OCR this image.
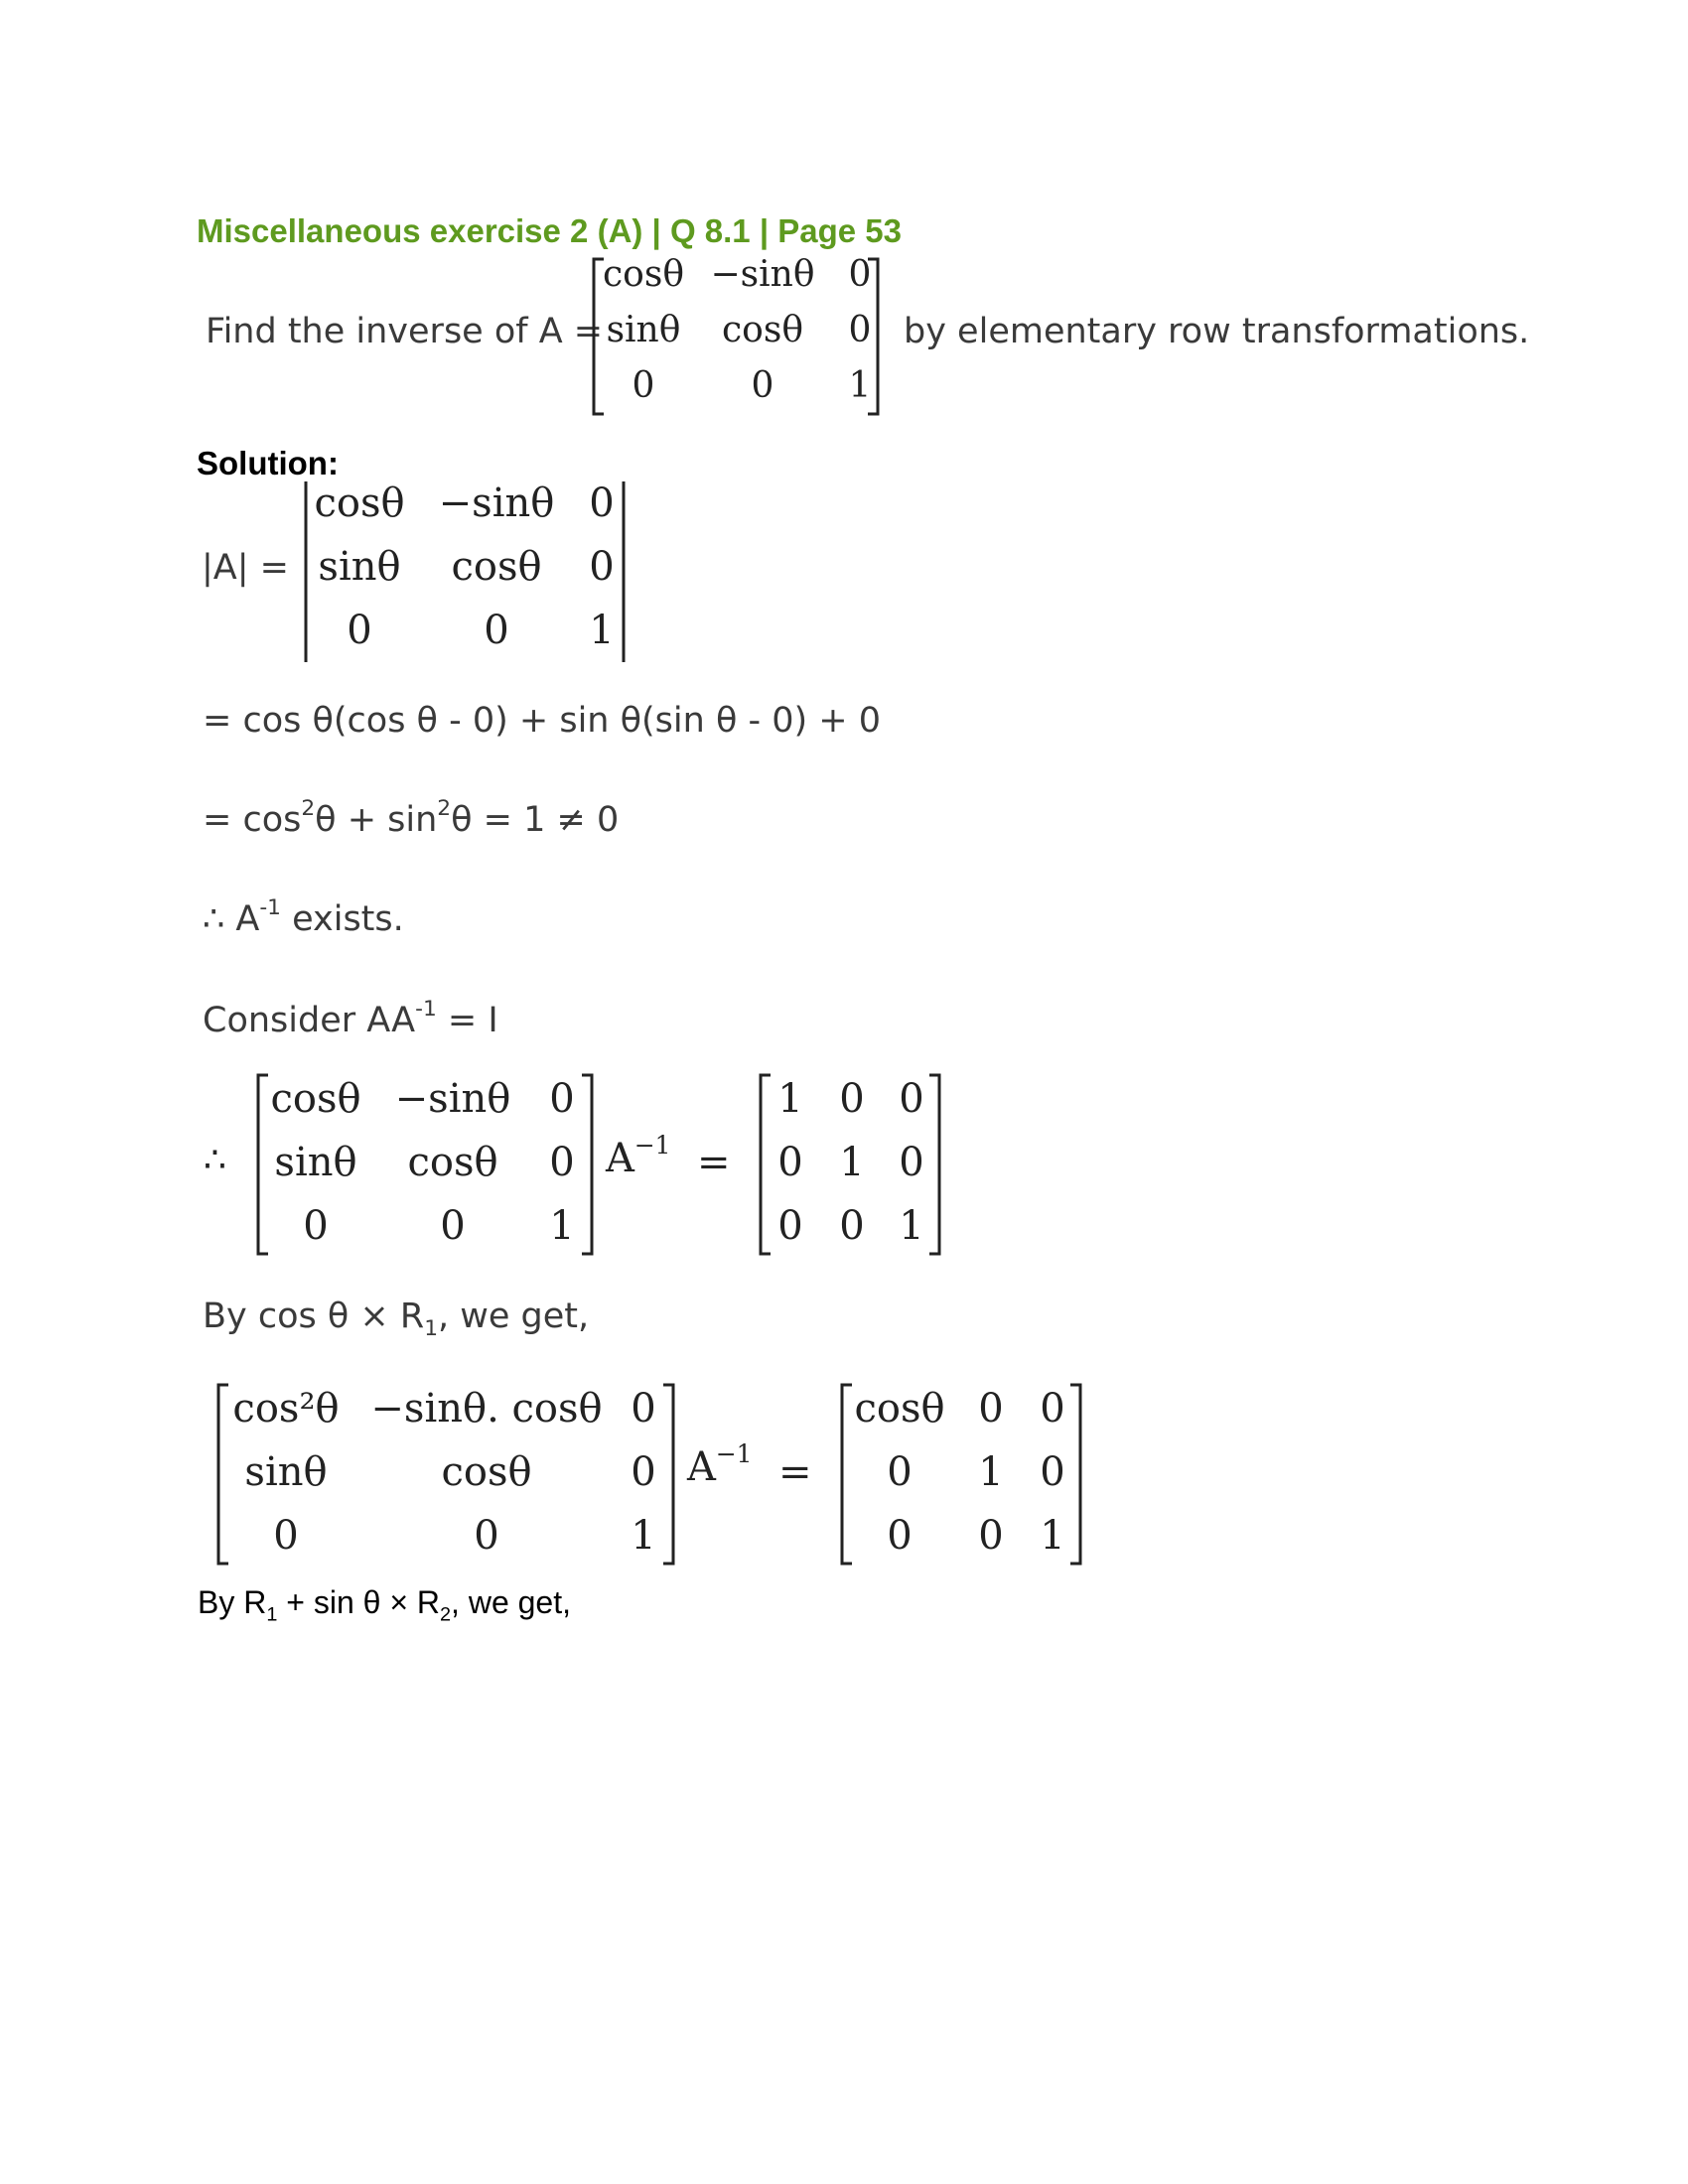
Miscellaneous exercise 2 (A) | Q 8.1 | Page 53
Find the inverse of A =
cosθ −sinθ 0
sinθ cosθ 0
0	0 1
by elementary row transformations.
Solution:
|A| =
cosθ −sinθ 0
sinθ cosθ 0
0	0 1
= cos θ(cos θ - 0) + sin θ(sin θ - 0) + 0
= $\cos^2\theta + \sin^2\theta = 1 \ne 0$
∴ $A^{-1}$ exists.
Consider $AA^{-1} = I$
∴
cosθ −sinθ 0
sinθ cosθ 0
0	0 1
$A^{-1}$ =
1 0 0
0 1 0
0 0 1
By $\cos \theta \times R_1$, we get,
cos²θ −sinθ. cosθ 0
sinθ	cosθ 0
0	0	1
$A^{-1}$ =
cosθ 0 0
0 1 0
0 0 1
By $R_1 + \sin \theta \times R_2$, we get,
